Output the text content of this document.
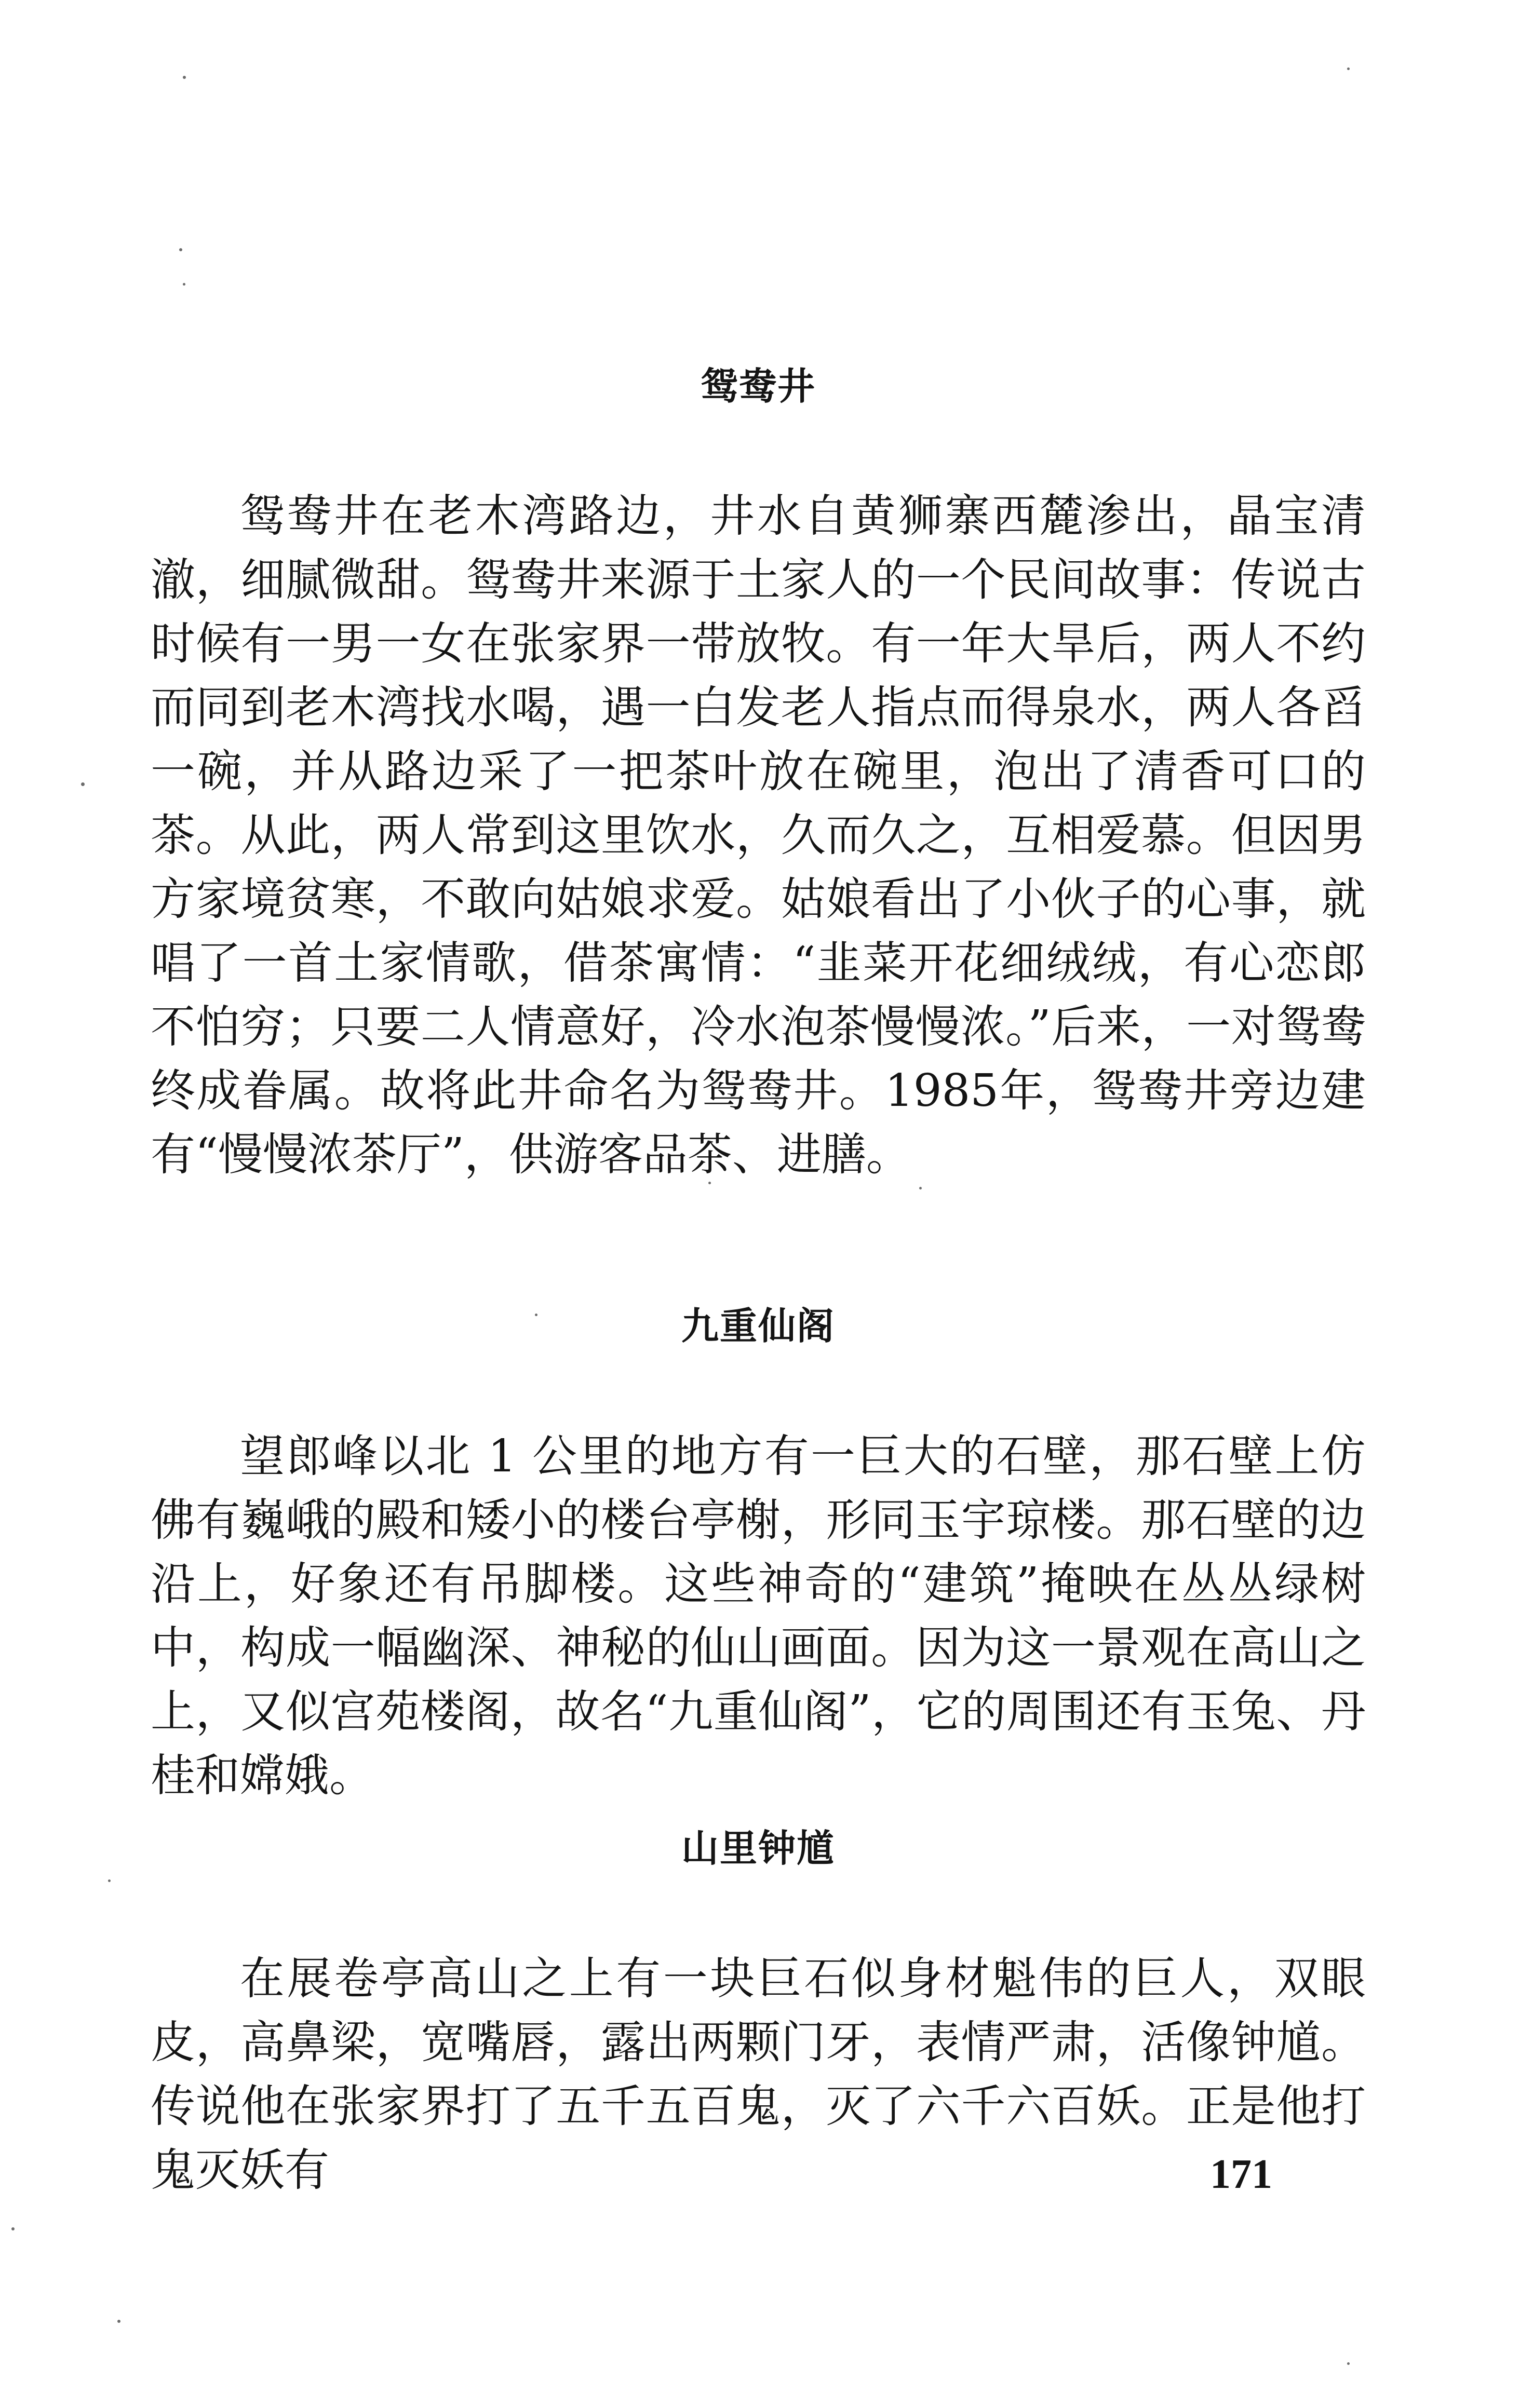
鸳鸯井

鸳鸯井在老木湾路边，井水自黄狮寨西麓渗出，晶宝清澈，细腻微甜。鸳鸯井来源于土家人的一个民间故事：传说古时候有一男一女在张家界一带放牧。有一年大旱后，两人不约而同到老木湾找水喝，遇一白发老人指点而得泉水，两人各舀一碗，并从路边采了一把茶叶放在碗里，泡出了清香可口的茶。从此，两人常到这里饮水，久而久之，互相爱慕。但因男方家境贫寒，不敢向姑娘求爱。姑娘看出了小伙子的心事，就唱了一首土家情歌，借茶寓情：“韭菜开花细绒绒，有心恋郎不怕穷；只要二人情意好，冷水泡茶慢慢浓。”后来，一对鸳鸯终成眷属。故将此井命名为鸳鸯井。1985年，鸳鸯井旁边建有“慢慢浓茶厅”，供游客品茶、进膳。

九重仙阁

望郎峰以北 1 公里的地方有一巨大的石壁，那石壁上仿佛有巍峨的殿和矮小的楼台亭榭，形同玉宇琼楼。那石壁的边沿上，好象还有吊脚楼。这些神奇的“建筑”掩映在丛丛绿树中，构成一幅幽深、神秘的仙山画面。因为这一景观在高山之上，又似宫苑楼阁，故名“九重仙阁”，它的周围还有玉兔、丹桂和嫦娥。

山里钟馗

在展卷亭高山之上有一块巨石似身材魁伟的巨人，双眼皮，高鼻梁，宽嘴唇，露出两颗门牙，表情严肃，活像钟馗。传说他在张家界打了五千五百鬼，灭了六千六百妖。正是他打鬼灭妖有	171
